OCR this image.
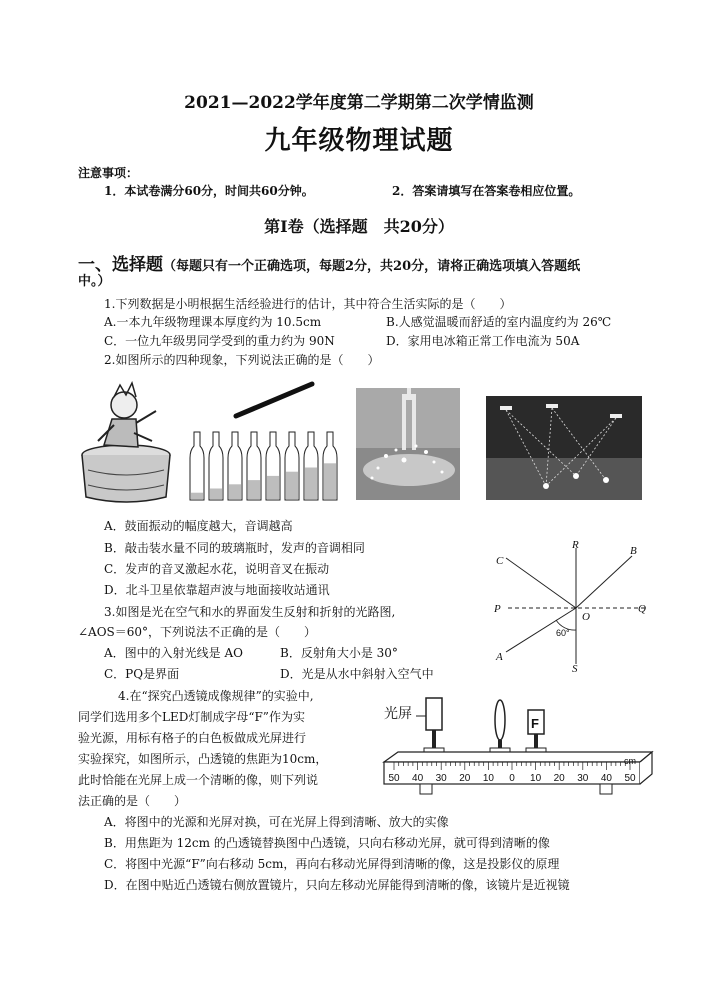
2021—2022学年度第二学期第二次学情监测
九年级物理试题
注意事项：
1．本试卷满分60分，时间共60分钟。	2．答案请填写在答案卷相应位置。
第Ⅰ卷（选择题　共20分）
一、选择题（每题只有一个正确选项，每题2分，共20分，请将正确选项填入答题纸
中。）
1.下列数据是小明根据生活经验进行的估计，其中符合生活实际的是（　　）
A.一本九年级物理课本厚度约为 10.5cm	B.人感觉温暖而舒适的室内温度约为 26℃
C．一位九年级男同学受到的重力约为 90N	D．家用电冰箱正常工作电流为 50A
2.如图所示的四种现象，下列说法正确的是（　　）
A．鼓面振动的幅度越大，音调越高
B．敲击装水量不同的玻璃瓶时，发声的音调相同
C．发声的音叉激起水花，说明音叉在振动
D．北斗卫星依靠超声波与地面接收站通讯
3.如图是光在空气和水的界面发生反射和折射的光路图,
∠AOS＝60°，下列说法不正确的是（　　）
A．图中的入射光线是 AO	B．反射角大小是 30°
C．PQ是界面	D．光是从水中斜射入空气中
R	B
C
P
O
Q
A
S
60°
4.在“探究凸透镜成像规律”的实验中,
同学们选用多个LED灯制成字母“F”作为实
验光源，用标有格子的白色板做成光屏进行
实验探究，如图所示，凸透镜的焦距为10cm，
此时恰能在光屏上成一个清晰的像，则下列说
法正确的是（　　）
光屏
F
50 40 30 20 10 0 10 20 30 40 50
cm
A．将图中的光源和光屏对换，可在光屏上得到清晰、放大的实像
B．用焦距为 12cm 的凸透镜替换图中凸透镜，只向右移动光屏，就可得到清晰的像
C．将图中光源“F”向右移动 5cm，再向右移动光屏得到清晰的像，这是投影仪的原理
D．在图中贴近凸透镜右侧放置镜片，只向左移动光屏能得到清晰的像，该镜片是近视镜
